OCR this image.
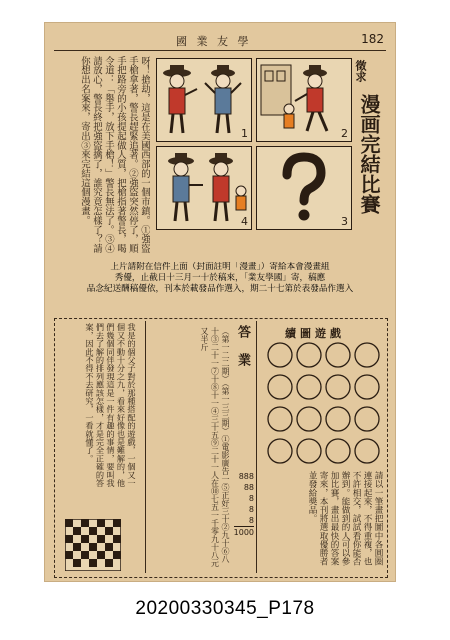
國 業 友 學	182
呀！搶劫，這是在美國西部的一個市鎮。①強盜手槍拿著，警長趕緊追著。②強盜突然停了，順手把路旁的小孩提起做人質，把槍指著警長，喝令道：「舉手，放下手槍！」警長無法了。③④請放心，警長終把強盜擒了，誰究竟怎樣了？請你想出名案來，寄出③來完結這個漫畫。	1	2
4	3
徵求
漫画完結比賽
上片請附在信件上面（封面註明「漫畫」）寄給本會漫畫組
秀優，止截日十三月一十於稿來，「業友學國」寄，稿應
品念紀送酬稿優依，刊本於載發品作選入，期二十七第於表發品作選入
我是的個父子對於那種搭配的遊戲，一個又一個又不動十分之九，看來好像也是難解的，他們幾個同伴發現這是一件有趣的事情，要叫我們去了解的排列應該怎樣，才是完全正確的答案，因此不得不去研究，一看就懂了。	答 業
（第一二二期）（第一三三期）①電影廣告一⑤正好三十②九十⑥八十③二十一⑦十⑧十一④三十五⑨二十一人在⑩七五一千零九十八元又半斤
888
88
8
8
8
1000
續圖遊戲
請以一筆畫把圖中各圓圈連接起來，不得重複，也不許相交，試試看你能否辦到。能做到的人可以參加比賽，畫出最快的答案寄來，本刊將選取優勝者並發給獎品。
20200330345_P178
